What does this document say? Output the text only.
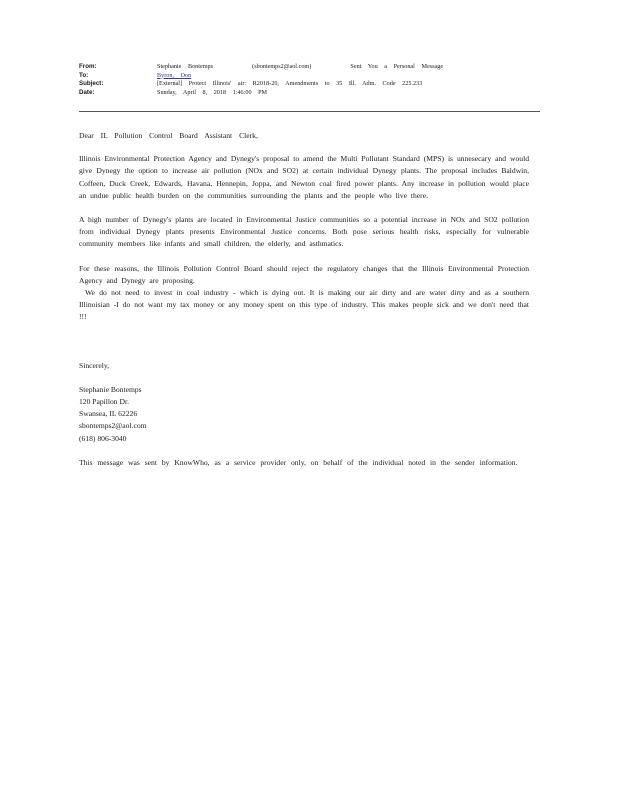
From:	Stephanie Bontemps	(sbontemps2@aol.com)	Sent You a Personal Message
To:	Byron, Don
Subject:	[External] Protect Illinois' air: R2018-20, Amendments to 35 Ill. Adm. Code 225.233
Date:	Sunday, April 8, 2018 1:46:00 PM

Dear IL Pollution Control Board Assistant Clerk,

Illinois Environmental Protection Agency and Dynegy's proposal to amend the Multi Pollutant Standard (MPS) is unnesecary and would give Dynegy the option to increase air pollution (NOx and SO2) at certain individual Dynegy plants. The proposal includes Baldwin, Coffeen, Duck Creek, Edwards, Havana, Hennepin, Joppa, and Newton coal fired power plants. Any increase in pollution would place an undue public health burden on the communities surrounding the plants and the people who live there.

A high number of Dynegy's plants are located in Environmental Justice communities so a potential increase in NOx and SO2 pollution from individual Dynegy plants presents Environmental Justice concerns. Both pose serious health risks, especially for vulnerable community members like infants and small children, the elderly, and asthmatics.

For these reasons, the Illinois Pollution Control Board should reject the regulatory changes that the Illinois Environmental Protection Agency and Dynegy are proposing.

We do not need to invest in coal industry - which is dying out. It is making our air dirty and are water dirty and as a southern Illinoisian -I do not want my tax money or any money spent on this type of industry. This makes people sick and we don't need that !!!

Sincerely,

Stephanie Bontemps
120 Papillon Dr.
Swansea, IL 62226
sbontemps2@aol.com
(618) 806-3040

This message was sent by KnowWho, as a service provider only, on behalf of the individual noted in the sender information.
